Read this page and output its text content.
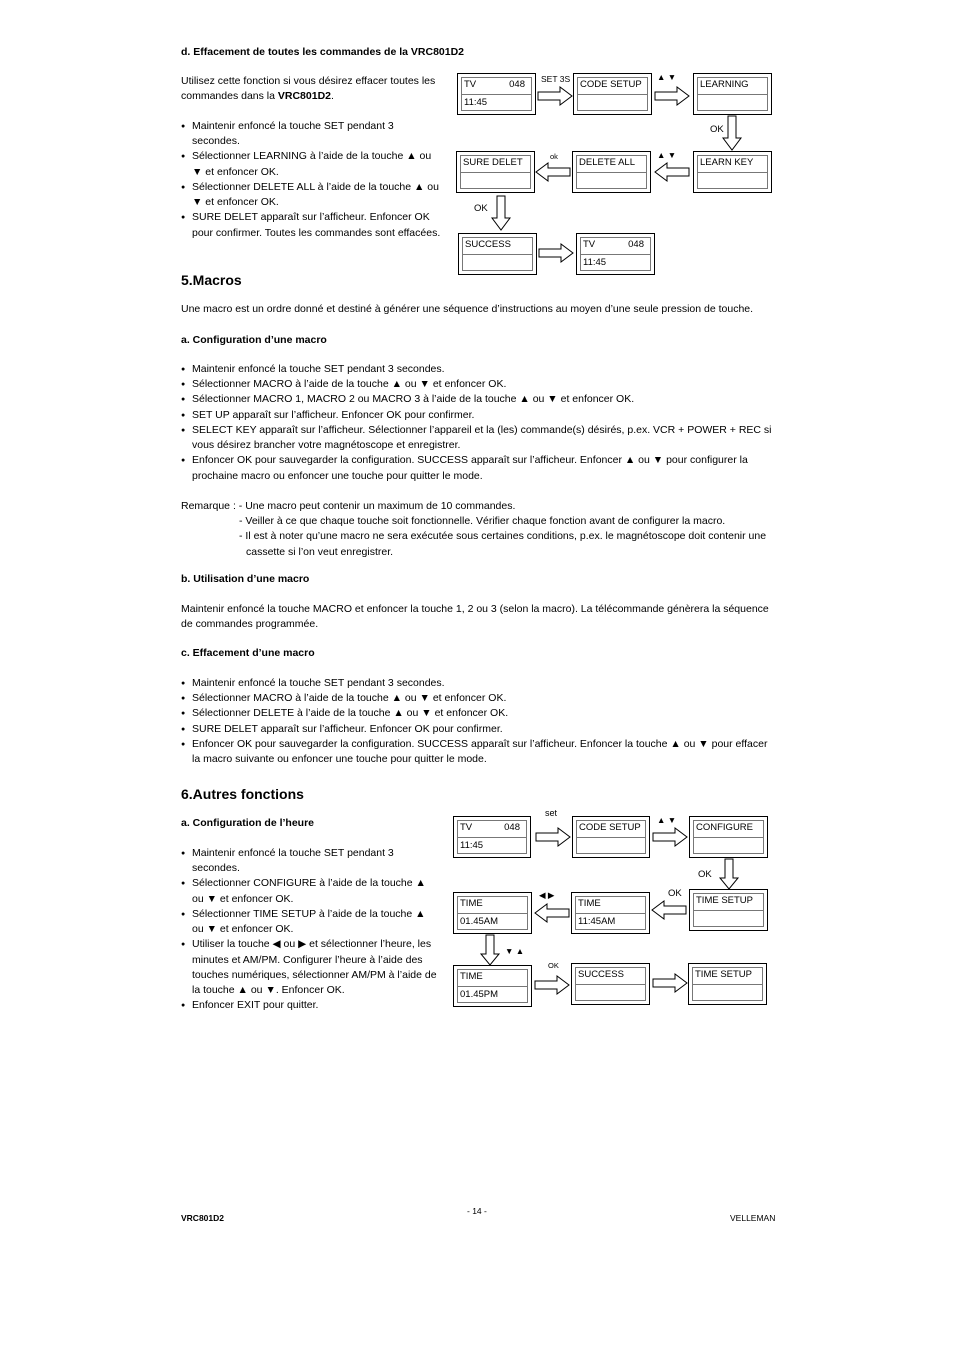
d. Effacement de toutes les commandes de la VRC801D2

Utilisez cette fonction si vous désirez effacer toutes les commandes dans la VRC801D2.

● Maintenir enfoncé la touche SET pendant 3 secondes.
● Sélectionner LEARNING à l’aide de la touche ▲ ou ▼ et enfoncer OK.
● Sélectionner DELETE ALL à l’aide de la touche ▲ ou ▼ et enfoncer OK.
● SURE DELET apparaît sur l’afficheur. Enfoncer OK pour confirmer. Toutes les commandes sont effacées.
TV	048
11:45
CODE SETUP	LEARNING
LEARN KEY
DELETE ALL
SURE DELET
SUCCESS	TV	048
11:45
SET 3S	▲ ▼
OK
▲ ▼
ok
OK
5.Macros

Une macro est un ordre donné et destiné à générer une séquence d’instructions au moyen d’une seule pression de touche.

a. Configuration d’une macro
● Maintenir enfoncé la touche SET pendant 3 secondes.
● Sélectionner MACRO à l’aide de la touche ▲ ou ▼ et enfoncer OK.
● Sélectionner MACRO 1, MACRO 2 ou MACRO 3 à l’aide de la touche ▲ ou ▼ et enfoncer OK.
● SET UP apparaît sur l’afficheur. Enfoncer OK pour confirmer.
● SELECT KEY apparaît sur l’afficheur. Sélectionner l’appareil et la (les) commande(s) désirés, p.ex. VCR + POWER + REC si vous désirez brancher votre magnétoscope et enregistrer.
● Enfoncer OK pour sauvegarder la configuration. SUCCESS apparaît sur l’afficheur. Enfoncer ▲ ou ▼ pour configurer la prochaine macro ou enfoncer une touche pour quitter le mode.
Remarque : - Une macro peut contenir un maximum de 10 commandes.
- Veiller à ce que chaque touche soit fonctionnelle. Vérifier chaque fonction avant de configurer la macro.
- Il est à noter qu’une macro ne sera exécutée sous certaines conditions, p.ex. le magnétoscope doit contenir une
cassette si l’on veut enregistrer.
b. Utilisation d’une macro

Maintenir enfoncé la touche MACRO et enfoncer la touche 1, 2 ou 3 (selon la macro). La télécommande génèrera la séquence de commandes programmée.

c. Effacement d’une macro
● Maintenir enfoncé la touche SET pendant 3 secondes.
● Sélectionner MACRO à l’aide de la touche ▲ ou ▼ et enfoncer OK.
● Sélectionner DELETE à l’aide de la touche ▲ ou ▼ et enfoncer OK.
● SURE DELET apparaît sur l’afficheur. Enfoncer OK pour confirmer.
● Enfoncer OK pour sauvegarder la configuration. SUCCESS apparaît sur l’afficheur. Enfoncer la touche ▲ ou ▼ pour effacer la macro suivante ou enfoncer une touche pour quitter le mode.
6.Autres fonctions
a. Configuration de l’heure
● Maintenir enfoncé la touche SET pendant 3 secondes.
● Sélectionner CONFIGURE à l’aide de la touche ▲ ou ▼ et enfoncer OK.
● Sélectionner TIME SETUP à l’aide de la touche ▲ ou ▼ et enfoncer OK.
● Utiliser la touche ◀ ou ▶ et sélectionner l’heure, les minutes et AM/PM. Configurer l’heure à l’aide des touches numériques, sélectionner AM/PM à l’aide de la touche ▲ ou ▼. Enfoncer OK.
● Enfoncer EXIT pour quitter.
TV	048
11:45
CODE SETUP	CONFIGURE
TIME SETUP
TIME
11:45AM
TIME
01.45AM
TIME
01.45PM
SUCCESS	TIME SETUP
set
▲ ▼
OK
OK
◀ ▶
▼ ▲
OK
VRC801D2
- 14 -
VELLEMAN
